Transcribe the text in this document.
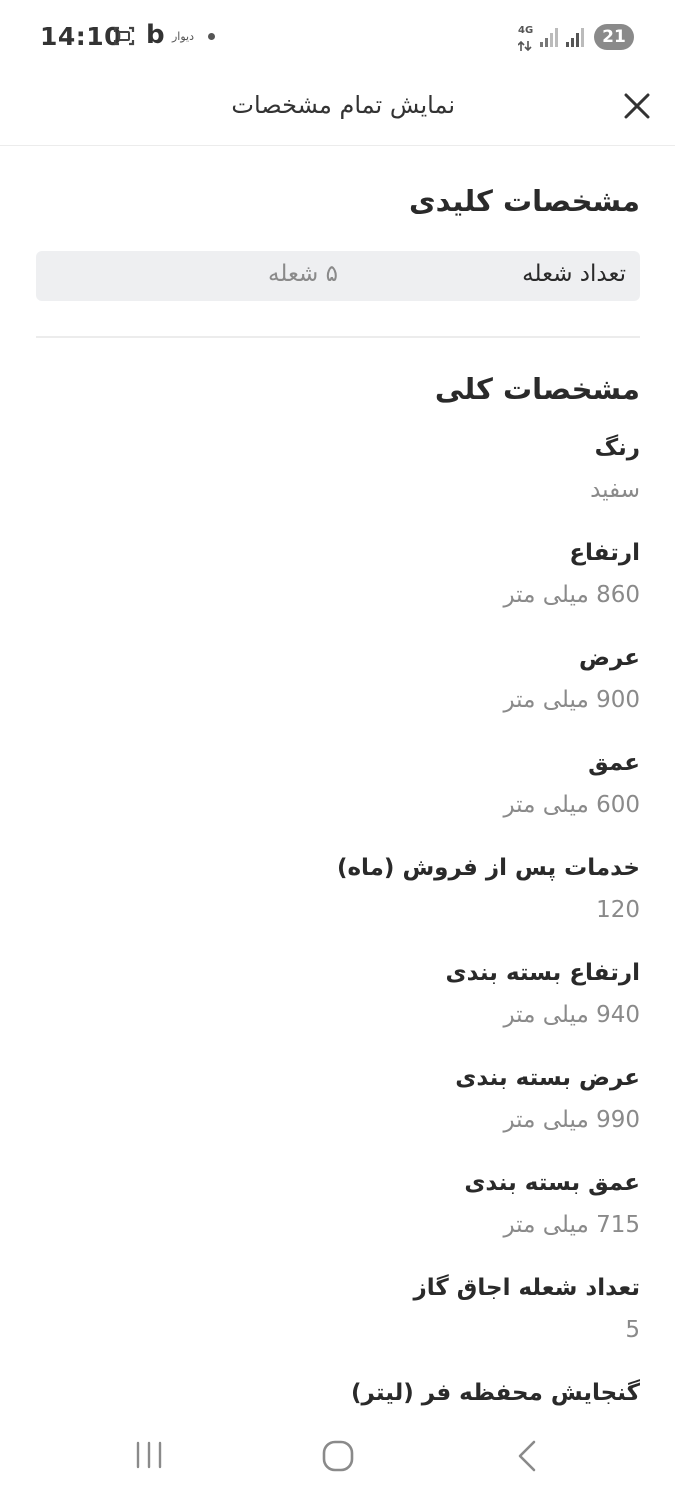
14:10 b دیوار	4G	21
نمایش تمام مشخصات
مشخصات کلیدی
تعداد شعله
۵ شعله
مشخصات کلی
رنگ
سفید
ارتفاع
860 میلی متر
عرض
900 میلی متر
عمق
600 میلی متر
خدمات پس از فروش (ماه)
120
ارتفاع بسته بندی
940 میلی متر
عرض بسته بندی
990 میلی متر
عمق بسته بندی
715 میلی متر
تعداد شعله اجاق گاز
5
گنجایش محفظه فر (لیتر)
